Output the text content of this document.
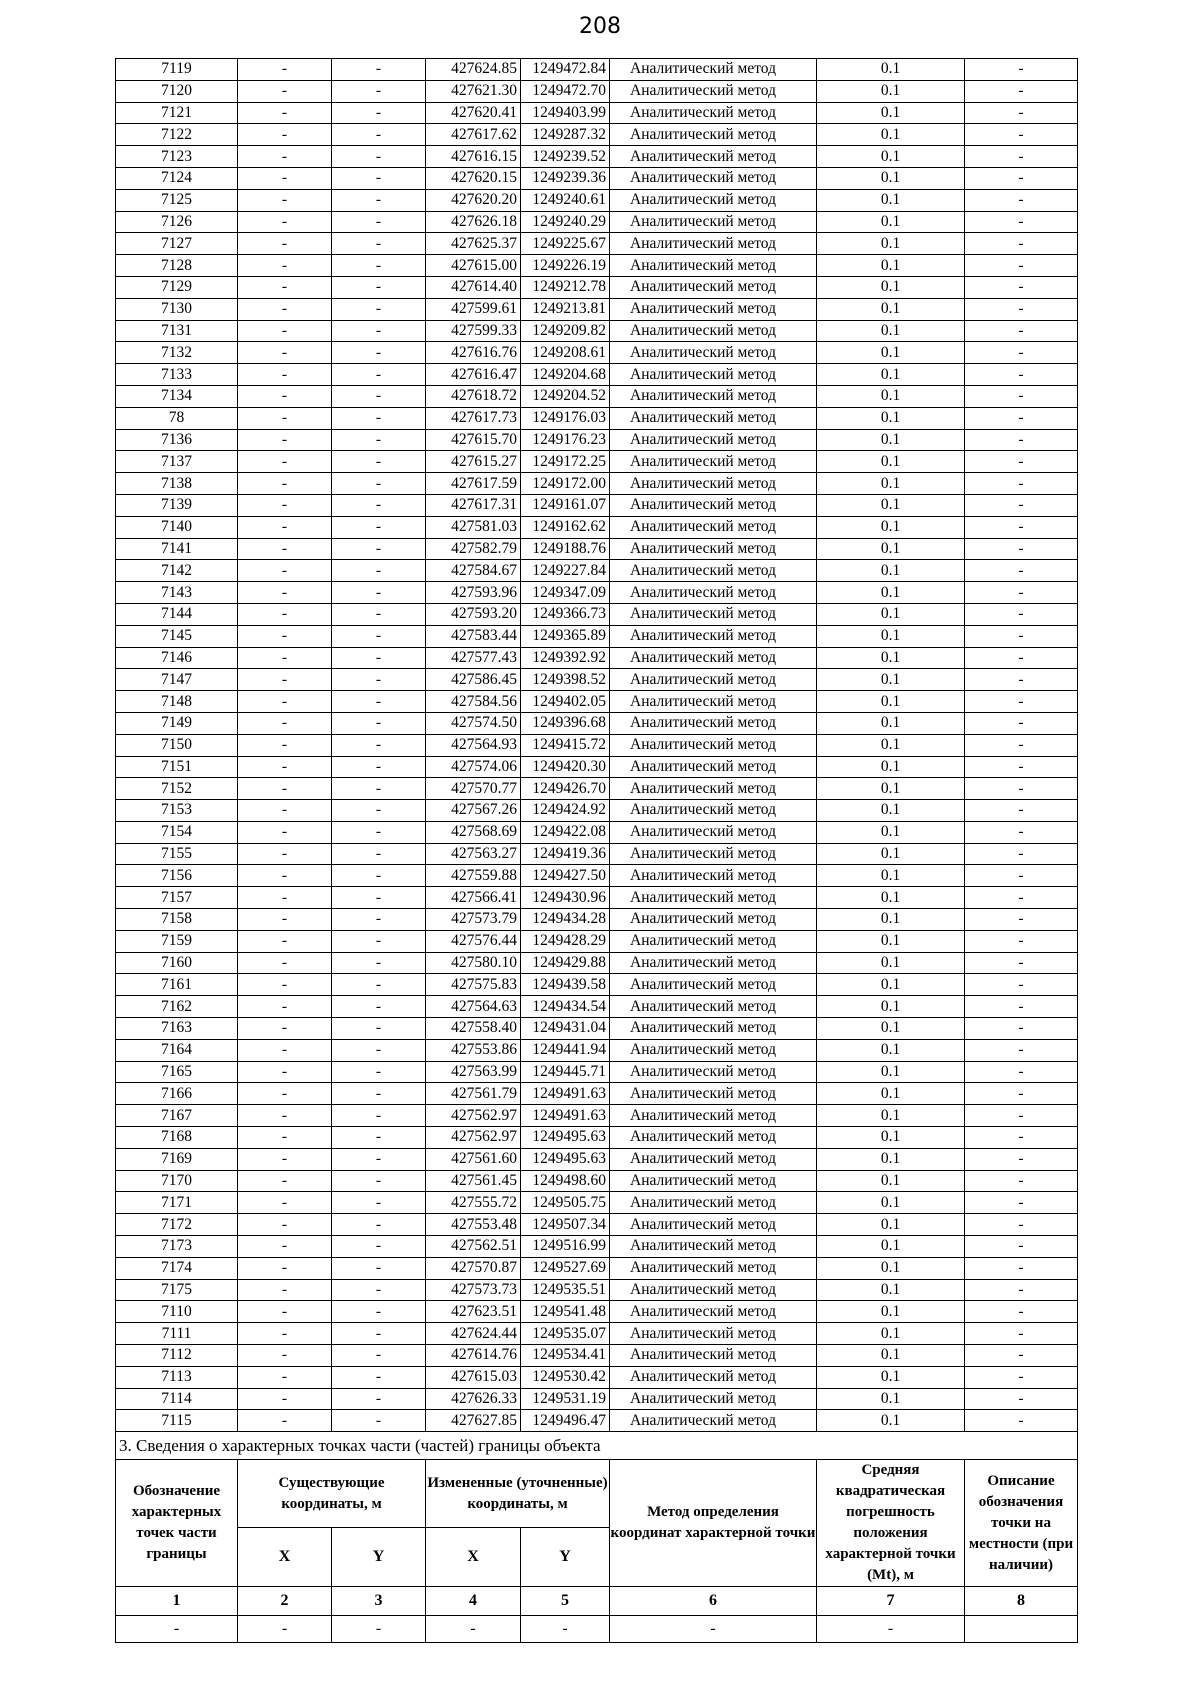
208
7119	-	-	427624.85	1249472.84	Аналитический метод	0.1	-
7120	-	-	427621.30	1249472.70	Аналитический метод	0.1	-
7121	-	-	427620.41	1249403.99	Аналитический метод	0.1	-
7122	-	-	427617.62	1249287.32	Аналитический метод	0.1	-
7123	-	-	427616.15	1249239.52	Аналитический метод	0.1	-
7124	-	-	427620.15	1249239.36	Аналитический метод	0.1	-
7125	-	-	427620.20	1249240.61	Аналитический метод	0.1	-
7126	-	-	427626.18	1249240.29	Аналитический метод	0.1	-
7127	-	-	427625.37	1249225.67	Аналитический метод	0.1	-
7128	-	-	427615.00	1249226.19	Аналитический метод	0.1	-
7129	-	-	427614.40	1249212.78	Аналитический метод	0.1	-
7130	-	-	427599.61	1249213.81	Аналитический метод	0.1	-
7131	-	-	427599.33	1249209.82	Аналитический метод	0.1	-
7132	-	-	427616.76	1249208.61	Аналитический метод	0.1	-
7133	-	-	427616.47	1249204.68	Аналитический метод	0.1	-
7134	-	-	427618.72	1249204.52	Аналитический метод	0.1	-
78	-	-	427617.73	1249176.03	Аналитический метод	0.1	-
7136	-	-	427615.70	1249176.23	Аналитический метод	0.1	-
7137	-	-	427615.27	1249172.25	Аналитический метод	0.1	-
7138	-	-	427617.59	1249172.00	Аналитический метод	0.1	-
7139	-	-	427617.31	1249161.07	Аналитический метод	0.1	-
7140	-	-	427581.03	1249162.62	Аналитический метод	0.1	-
7141	-	-	427582.79	1249188.76	Аналитический метод	0.1	-
7142	-	-	427584.67	1249227.84	Аналитический метод	0.1	-
7143	-	-	427593.96	1249347.09	Аналитический метод	0.1	-
7144	-	-	427593.20	1249366.73	Аналитический метод	0.1	-
7145	-	-	427583.44	1249365.89	Аналитический метод	0.1	-
7146	-	-	427577.43	1249392.92	Аналитический метод	0.1	-
7147	-	-	427586.45	1249398.52	Аналитический метод	0.1	-
7148	-	-	427584.56	1249402.05	Аналитический метод	0.1	-
7149	-	-	427574.50	1249396.68	Аналитический метод	0.1	-
7150	-	-	427564.93	1249415.72	Аналитический метод	0.1	-
7151	-	-	427574.06	1249420.30	Аналитический метод	0.1	-
7152	-	-	427570.77	1249426.70	Аналитический метод	0.1	-
7153	-	-	427567.26	1249424.92	Аналитический метод	0.1	-
7154	-	-	427568.69	1249422.08	Аналитический метод	0.1	-
7155	-	-	427563.27	1249419.36	Аналитический метод	0.1	-
7156	-	-	427559.88	1249427.50	Аналитический метод	0.1	-
7157	-	-	427566.41	1249430.96	Аналитический метод	0.1	-
7158	-	-	427573.79	1249434.28	Аналитический метод	0.1	-
7159	-	-	427576.44	1249428.29	Аналитический метод	0.1	-
7160	-	-	427580.10	1249429.88	Аналитический метод	0.1	-
7161	-	-	427575.83	1249439.58	Аналитический метод	0.1	-
7162	-	-	427564.63	1249434.54	Аналитический метод	0.1	-
7163	-	-	427558.40	1249431.04	Аналитический метод	0.1	-
7164	-	-	427553.86	1249441.94	Аналитический метод	0.1	-
7165	-	-	427563.99	1249445.71	Аналитический метод	0.1	-
7166	-	-	427561.79	1249491.63	Аналитический метод	0.1	-
7167	-	-	427562.97	1249491.63	Аналитический метод	0.1	-
7168	-	-	427562.97	1249495.63	Аналитический метод	0.1	-
7169	-	-	427561.60	1249495.63	Аналитический метод	0.1	-
7170	-	-	427561.45	1249498.60	Аналитический метод	0.1	-
7171	-	-	427555.72	1249505.75	Аналитический метод	0.1	-
7172	-	-	427553.48	1249507.34	Аналитический метод	0.1	-
7173	-	-	427562.51	1249516.99	Аналитический метод	0.1	-
7174	-	-	427570.87	1249527.69	Аналитический метод	0.1	-
7175	-	-	427573.73	1249535.51	Аналитический метод	0.1	-
7110	-	-	427623.51	1249541.48	Аналитический метод	0.1	-
7111	-	-	427624.44	1249535.07	Аналитический метод	0.1	-
7112	-	-	427614.76	1249534.41	Аналитический метод	0.1	-
7113	-	-	427615.03	1249530.42	Аналитический метод	0.1	-
7114	-	-	427626.33	1249531.19	Аналитический метод	0.1	-
7115	-	-	427627.85	1249496.47	Аналитический метод	0.1	-
3. Сведения о характерных точках части (частей) границы объекта							
Обозначение характерных точек части границы	Существующие координаты, м		Измененные (уточненные) координаты, м		Метод определения координат характерной точки	Средняя квадратическая погрешность положения характерной точки (Mt), м	Описание обозначения точки на местности (при наличии)
	X	Y	X	Y			
1	2	3	4	5	6	7	8
-	-	-	-	-	-	-	
